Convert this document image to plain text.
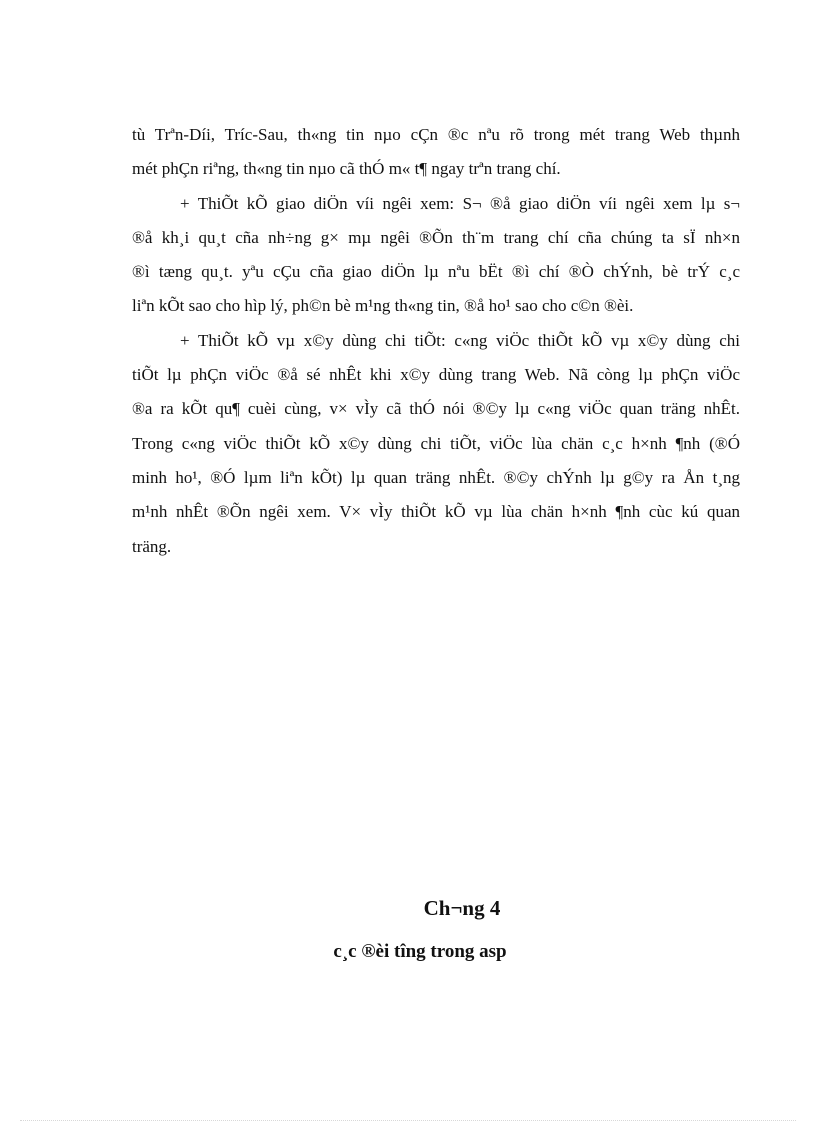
tù Trªn-Díi, Tríc-Sau, th«ng tin nµo cÇn ®c nªu rõ trong mét trang Web thµnh
mét phÇn riªng, th«ng tin nµo cã thÓ m« t¶ ngay trªn trang chí.
+ ThiÕt kÕ giao diÖn víi ngêi xem: S¬ ®å giao diÖn víi ngêi xem lµ s¬
®å kh¸i qu¸t cña nh÷ng g× mµ ngêi ®Õn th¨m trang chí cña chúng ta sÏ nh×n
®ì tæng qu¸t. yªu cÇu cña giao diÖn lµ nªu bËt ®ì chí ®Ò chÝnh, bè trÝ c¸c
liªn kÕt sao cho hìp lý, ph©n bè m¹ng th«ng tin, ®å ho¹ sao cho c©n ®èi.
+ ThiÕt kÕ vµ x©y dùng chi tiÕt: c«ng viÖc thiÕt kÕ vµ x©y dùng chi
tiÕt lµ phÇn viÖc ®å sé nhÊt khi x©y dùng trang Web. Nã còng lµ phÇn viÖc
®a ra kÕt qu¶ cuèi cùng, v× vÌy cã thÓ nói ®©y lµ c«ng viÖc quan träng nhÊt.
Trong c«ng viÖc thiÕt kÕ x©y dùng chi tiÕt, viÖc lùa chän c¸c h×nh ¶nh (®Ó
minh ho¹, ®Ó lµm liªn kÕt) lµ quan träng nhÊt. ®©y chÝnh lµ g©y ra Ån t¸ng
m¹nh nhÊt ®Õn ngêi xem. V× vÌy thiÕt kÕ vµ lùa chän h×nh ¶nh cùc kú quan
träng.
Ch¬ng 4
c¸c ®èi tîng trong asp
